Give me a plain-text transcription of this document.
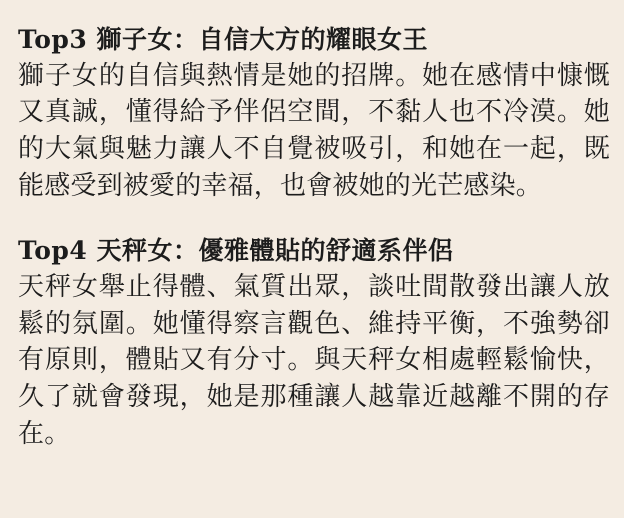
Top3 獅子女：自信大方的耀眼女王
獅子女的自信與熱情是她的招牌。她在感情中慷慨又真誠，懂得給予伴侶空間，不黏人也不冷漠。她的大氣與魅力讓人不自覺被吸引，和她在一起，既能感受到被愛的幸福，也會被她的光芒感染。
Top4 天秤女：優雅體貼的舒適系伴侶
天秤女舉止得體、氣質出眾，談吐間散發出讓人放鬆的氛圍。她懂得察言觀色、維持平衡，不強勢卻有原則，體貼又有分寸。與天秤女相處輕鬆愉快，久了就會發現，她是那種讓人越靠近越離不開的存在。
